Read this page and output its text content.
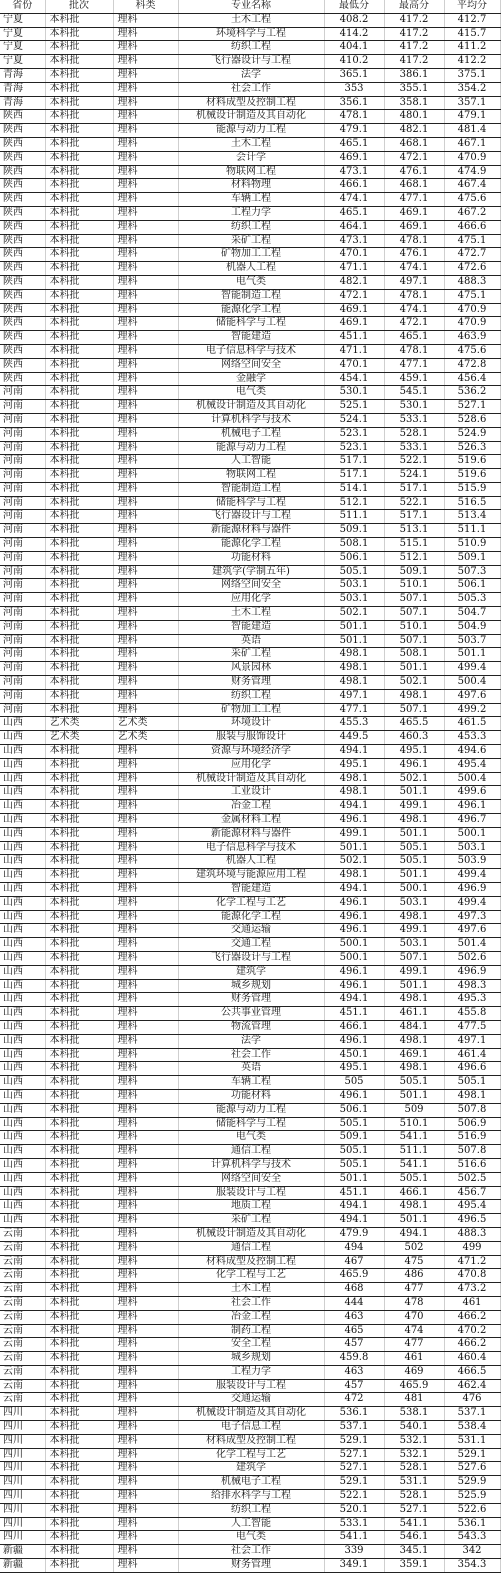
省份	批次	科类	专业名称	最低分	最高分	平均分
宁夏	本科批	理科	土木工程	408.2	417.2	412.7
宁夏	本科批	理科	环境科学与工程	414.2	417.2	415.7
宁夏	本科批	理科	纺织工程	404.1	417.2	411.2
宁夏	本科批	理科	飞行器设计与工程	410.2	417.2	412.2
青海	本科批	理科	法学	365.1	386.1	375.1
青海	本科批	理科	社会工作	353	355.1	354.2
青海	本科批	理科	材料成型及控制工程	356.1	358.1	357.1
陕西	本科批	理科	机械设计制造及其自动化	478.1	480.1	479.1
陕西	本科批	理科	能源与动力工程	479.1	482.1	481.4
陕西	本科批	理科	土木工程	465.1	468.1	467.1
陕西	本科批	理科	会计学	469.1	472.1	470.9
陕西	本科批	理科	物联网工程	473.1	476.1	474.9
陕西	本科批	理科	材料物理	466.1	468.1	467.4
陕西	本科批	理科	车辆工程	474.1	477.1	475.6
陕西	本科批	理科	工程力学	465.1	469.1	467.2
陕西	本科批	理科	纺织工程	464.1	469.1	466.6
陕西	本科批	理科	采矿工程	473.1	478.1	475.1
陕西	本科批	理科	矿物加工工程	470.1	476.1	472.7
陕西	本科批	理科	机器人工程	471.1	474.1	472.6
陕西	本科批	理科	电气类	482.1	497.1	488.3
陕西	本科批	理科	智能制造工程	472.1	478.1	475.1
陕西	本科批	理科	能源化学工程	469.1	474.1	470.9
陕西	本科批	理科	储能科学与工程	469.1	472.1	470.9
陕西	本科批	理科	智能建造	451.1	465.1	463.9
陕西	本科批	理科	电子信息科学与技术	471.1	478.1	475.6
陕西	本科批	理科	网络空间安全	470.1	477.1	472.8
陕西	本科批	理科	金融学	454.1	459.1	456.4
河南	本科批	理科	电气类	530.1	545.1	536.2
河南	本科批	理科	机械设计制造及其自动化	525.1	530.1	527.1
河南	本科批	理科	计算机科学与技术	524.1	533.1	528.6
河南	本科批	理科	机械电子工程	523.1	528.1	524.9
河南	本科批	理科	能源与动力工程	523.1	533.1	526.3
河南	本科批	理科	人工智能	517.1	522.1	519.6
河南	本科批	理科	物联网工程	517.1	524.1	519.6
河南	本科批	理科	智能制造工程	514.1	517.1	515.9
河南	本科批	理科	储能科学与工程	512.1	522.1	516.5
河南	本科批	理科	飞行器设计与工程	511.1	517.1	513.4
河南	本科批	理科	新能源材料与器件	509.1	513.1	511.1
河南	本科批	理科	能源化学工程	508.1	515.1	510.9
河南	本科批	理科	功能材料	506.1	512.1	509.1
河南	本科批	理科	建筑学(学制五年)	505.1	509.1	507.3
河南	本科批	理科	网络空间安全	503.1	510.1	506.1
河南	本科批	理科	应用化学	503.1	507.1	505.3
河南	本科批	理科	土木工程	502.1	507.1	504.7
河南	本科批	理科	智能建造	501.1	510.1	504.9
河南	本科批	理科	英语	501.1	507.1	503.7
河南	本科批	理科	采矿工程	498.1	508.1	501.1
河南	本科批	理科	风景园林	498.1	501.1	499.4
河南	本科批	理科	财务管理	498.1	502.1	500.4
河南	本科批	理科	纺织工程	497.1	498.1	497.6
河南	本科批	理科	矿物加工工程	477.1	507.1	499.2
山西	艺术类	艺术类	环境设计	455.3	465.5	461.5
山西	艺术类	艺术类	服装与服饰设计	449.5	460.3	453.3
山西	本科批	理科	资源与环境经济学	494.1	495.1	494.6
山西	本科批	理科	应用化学	495.1	496.1	495.4
山西	本科批	理科	机械设计制造及其自动化	498.1	502.1	500.4
山西	本科批	理科	工业设计	498.1	501.1	499.6
山西	本科批	理科	冶金工程	494.1	499.1	496.1
山西	本科批	理科	金属材料工程	496.1	498.1	496.7
山西	本科批	理科	新能源材料与器件	499.1	501.1	500.1
山西	本科批	理科	电子信息科学与技术	501.1	505.1	503.1
山西	本科批	理科	机器人工程	502.1	505.1	503.9
山西	本科批	理科	建筑环境与能源应用工程	498.1	501.1	499.4
山西	本科批	理科	智能建造	494.1	500.1	496.9
山西	本科批	理科	化学工程与工艺	496.1	503.1	499.4
山西	本科批	理科	能源化学工程	496.1	498.1	497.3
山西	本科批	理科	交通运输	496.1	499.1	497.6
山西	本科批	理科	交通工程	500.1	503.1	501.4
山西	本科批	理科	飞行器设计与工程	500.1	507.1	502.6
山西	本科批	理科	建筑学	496.1	499.1	496.9
山西	本科批	理科	城乡规划	496.1	501.1	498.3
山西	本科批	理科	财务管理	494.1	498.1	495.3
山西	本科批	理科	公共事业管理	451.1	461.1	455.8
山西	本科批	理科	物流管理	466.1	484.1	477.5
山西	本科批	理科	法学	496.1	498.1	497.1
山西	本科批	理科	社会工作	450.1	469.1	461.4
山西	本科批	理科	英语	495.1	498.1	496.6
山西	本科批	理科	车辆工程	505	505.1	505.1
山西	本科批	理科	功能材料	496.1	501.1	498.1
山西	本科批	理科	能源与动力工程	506.1	509	507.8
山西	本科批	理科	储能科学与工程	505.1	510.1	506.9
山西	本科批	理科	电气类	509.1	541.1	516.9
山西	本科批	理科	通信工程	505.1	511.1	507.8
山西	本科批	理科	计算机科学与技术	505.1	541.1	516.6
山西	本科批	理科	网络空间安全	501.1	505.1	502.5
山西	本科批	理科	服装设计与工程	451.1	466.1	456.7
山西	本科批	理科	地质工程	494.1	498.1	495.4
山西	本科批	理科	采矿工程	494.1	501.1	496.5
云南	本科批	理科	机械设计制造及其自动化	479.9	494.1	488.3
云南	本科批	理科	通信工程	494	502	499
云南	本科批	理科	材料成型及控制工程	467	475	471.2
云南	本科批	理科	化学工程与工艺	465.9	486	470.8
云南	本科批	理科	土木工程	468	477	473.2
云南	本科批	理科	社会工作	444	478	461
云南	本科批	理科	冶金工程	463	470	466.2
云南	本科批	理科	制药工程	465	474	470.2
云南	本科批	理科	安全工程	457	477	466.2
云南	本科批	理科	城乡规划	459.8	461	460.4
云南	本科批	理科	工程力学	463	469	466.5
云南	本科批	理科	服装设计与工程	457	465.9	462.4
云南	本科批	理科	交通运输	472	481	476
四川	本科批	理科	机械设计制造及其自动化	536.1	538.1	537.1
四川	本科批	理科	电子信息工程	537.1	540.1	538.4
四川	本科批	理科	材料成型及控制工程	529.1	532.1	531.1
四川	本科批	理科	化学工程与工艺	527.1	532.1	529.1
四川	本科批	理科	建筑学	527.1	528.1	527.6
四川	本科批	理科	机械电子工程	529.1	531.1	529.9
四川	本科批	理科	给排水科学与工程	522.1	528.1	525.9
四川	本科批	理科	纺织工程	520.1	527.1	522.6
四川	本科批	理科	人工智能	533.1	541.1	536.1
四川	本科批	理科	电气类	541.1	546.1	543.3
新疆	本科批	理科	社会工作	339	345.1	342
新疆	本科批	理科	财务管理	349.1	359.1	354.3
